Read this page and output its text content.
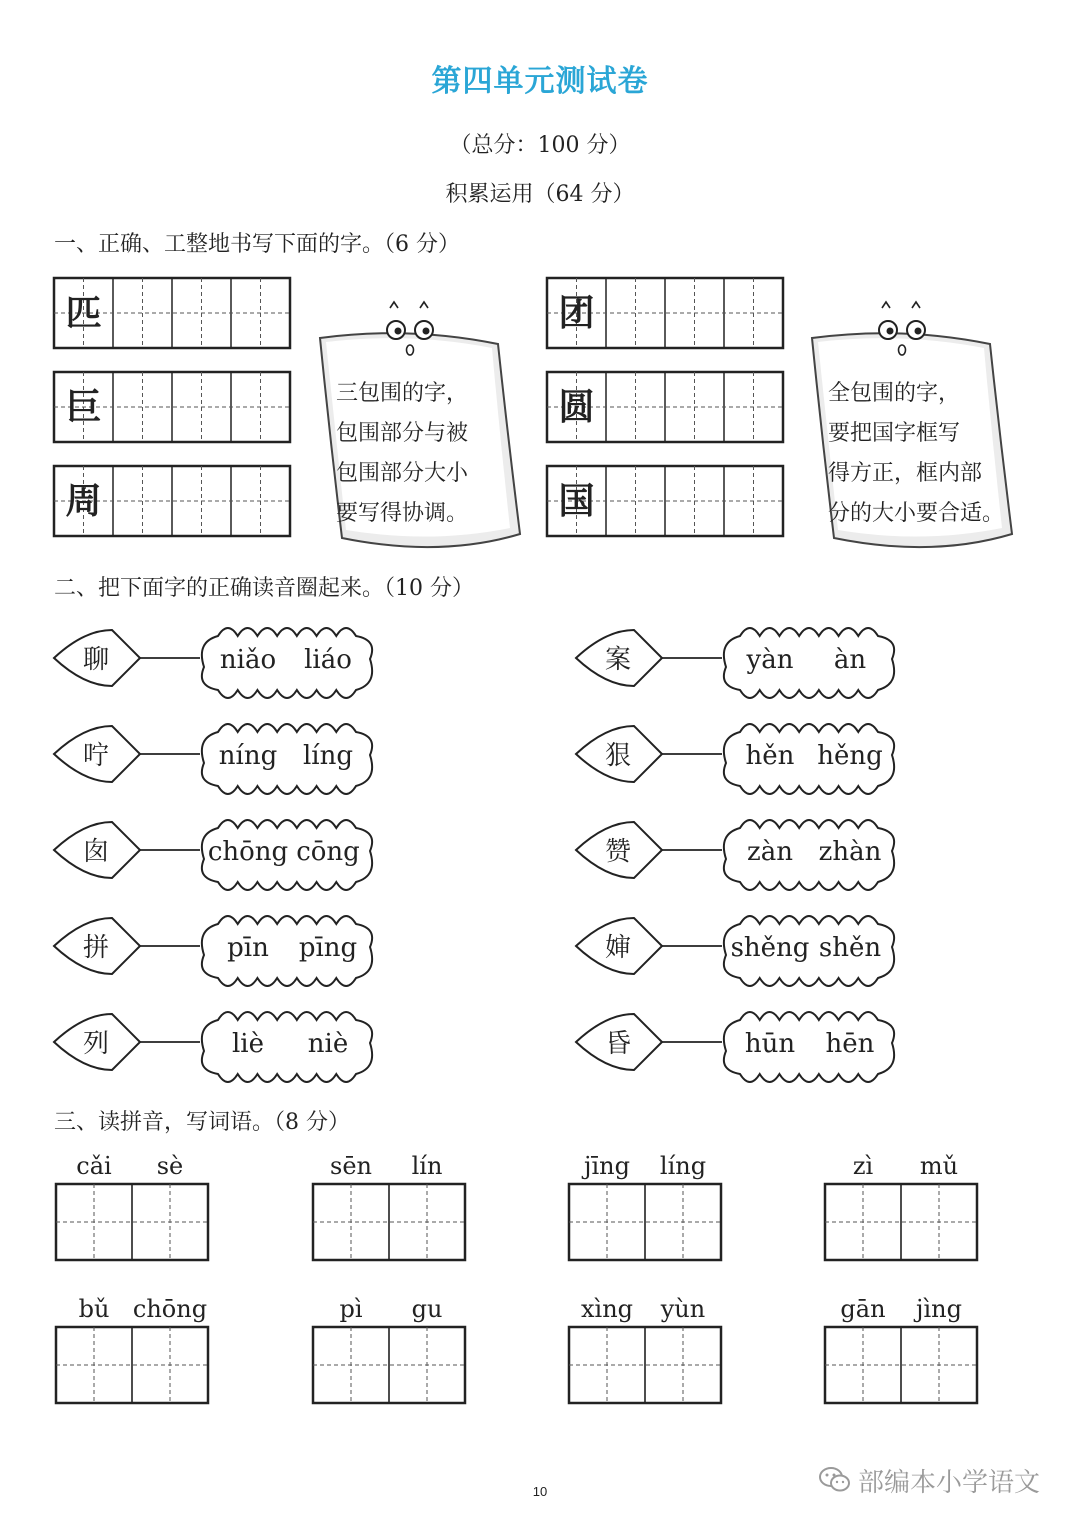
第四单元测试卷
（总分：100 分）
积累运用（64 分）
一、正确、工整地书写下面的字。（6 分）
二、把下面字的正确读音圈起来。（10 分）
三、读拼音，写词语。（8 分）
匹
巨
周
团
圆
国
三包围的字，
包围部分与被
包围部分大小
要写得协调。
全包围的字，
要把国字框写
得方正，框内部
分的大小要合适。
聊	niǎo liáo
咛	níng líng
囱	chōng cōng
拼	pīn pīng
列	liè niè
案	yàn àn
狠	hěn hěng
赞	zàn zhàn
婶	shěng shěn
昏	hūn hēn
cǎi sè	sēn lín	jīng líng	zì mǔ
bǔ chōng	pì gu	xìng yùn	gān jìng
10	部编本小学语文
